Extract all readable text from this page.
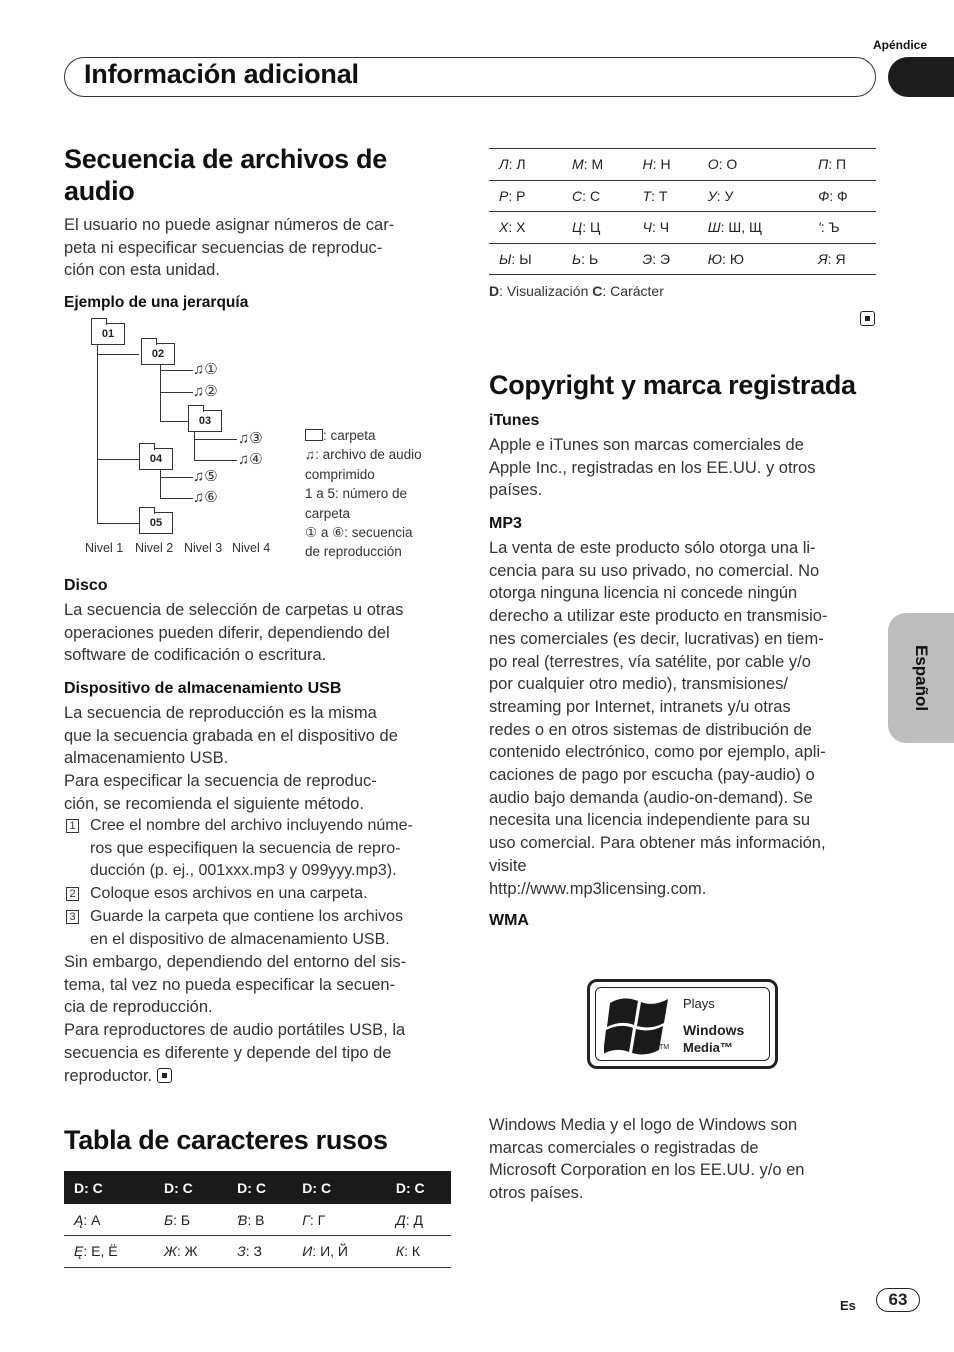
Apéndice
Información adicional
Español
Secuencia de archivos de
audio
El usuario no puede asignar números de car-
peta ni especificar secuencias de reproduc-
ción con esta unidad.
Ejemplo de una jerarquía
01
02
03
04
05
♫①
♫②
♫③
♫④
♫⑤
♫⑥
Nivel 1 Nivel 2 Nivel 3 Nivel 4
: carpeta
♫: archivo de audio
comprimido
1 a 5: número de
carpeta
① a ⑥: secuencia
de reproducción
Disco
La secuencia de selección de carpetas u otras
operaciones pueden diferir, dependiendo del
software de codificación o escritura.
Dispositivo de almacenamiento USB
La secuencia de reproducción es la misma
que la secuencia grabada en el dispositivo de
almacenamiento USB.
Para especificar la secuencia de reproduc-
ción, se recomienda el siguiente método.
1 Cree el nombre del archivo incluyendo núme-
ros que especifiquen la secuencia de repro-
ducción (p. ej., 001xxx.mp3 y 099yyy.mp3).
2 Coloque esos archivos en una carpeta.
3 Guarde la carpeta que contiene los archivos
en el dispositivo de almacenamiento USB.
Sin embargo, dependiendo del entorno del sis-
tema, tal vez no pueda especificar la secuen-
cia de reproducción.
Para reproductores de audio portátiles USB, la
secuencia es diferente y depende del tipo de
reproductor.
Tabla de caracteres rusos
D: C	D: C	D: C	D: C	D: C
Ą: А	Б: Б	Ɓ: В	Г: Г	Д: Д
Ę: Е, Ё	Ж: Ж	З: З	И: И, Й	К: К
Л: Л	М: М	Н: Н	О: О	П: П
Р: Р	С: С	Т: Т	У: У	Ф: Ф
Х: Х	Ц: Ц	Ч: Ч	Ш: Ш, Щ	′: Ъ
Ы: Ы	Ь: Ь	Э: Э	Ю: Ю	Я: Я
D: Visualización C: Carácter
Copyright y marca registrada
iTunes
Apple e iTunes son marcas comerciales de
Apple Inc., registradas en los EE.UU. y otros
países.
MP3
La venta de este producto sólo otorga una li-
cencia para su uso privado, no comercial. No
otorga ninguna licencia ni concede ningún
derecho a utilizar este producto en transmisio-
nes comerciales (es decir, lucrativas) en tiem-
po real (terrestres, vía satélite, por cable y/o
por cualquier otro medio), transmisiones/
streaming por Internet, intranets y/u otras
redes o en otros sistemas de distribución de
contenido electrónico, como por ejemplo, apli-
caciones de pago por escucha (pay-audio) o
audio bajo demanda (audio-on-demand). Se
necesita una licencia independiente para su
uso comercial. Para obtener más información,
visite
http://www.mp3licensing.com.
WMA
TM
Plays
Windows
Media™
Windows Media y el logo de Windows son
marcas comerciales o registradas de
Microsoft Corporation en los EE.UU. y/o en
otros países.
Es	63
